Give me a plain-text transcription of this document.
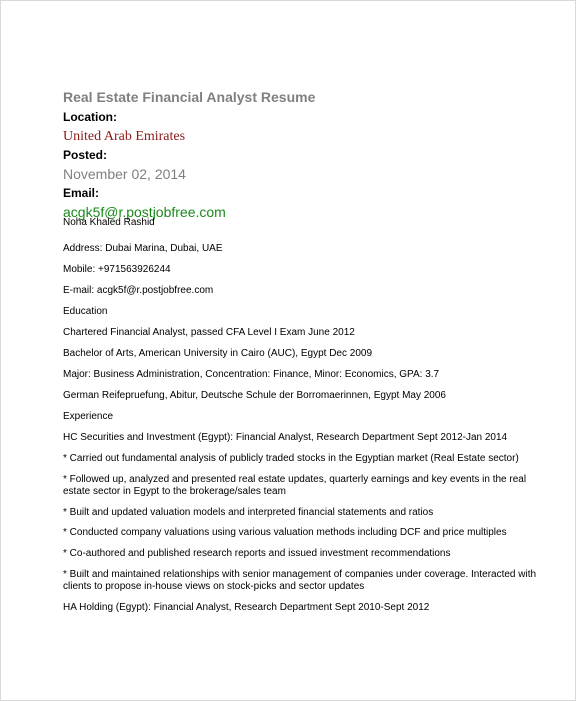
Real Estate Financial Analyst Resume
Location:
United Arab Emirates
Posted:
November 02, 2014
Email:
acgk5f@r.postjobfree.com
Noha Khaled Rashid
Address: Dubai Marina, Dubai, UAE
Mobile: +971563926244
E-mail: acgk5f@r.postjobfree.com
Education
Chartered Financial Analyst, passed CFA Level I Exam June 2012
Bachelor of Arts, American University in Cairo (AUC), Egypt Dec 2009
Major: Business Administration, Concentration: Finance, Minor: Economics, GPA: 3.7
German Reifepruefung, Abitur, Deutsche Schule der Borromaerinnen, Egypt May 2006
Experience
HC Securities and Investment (Egypt): Financial Analyst, Research Department Sept 2012-Jan 2014
* Carried out fundamental analysis of publicly traded stocks in the Egyptian market (Real Estate sector)
* Followed up, analyzed and presented real estate updates, quarterly earnings and key events in the real
estate sector in Egypt to the brokerage/sales team
* Built and updated valuation models and interpreted financial statements and ratios
* Conducted company valuations using various valuation methods including DCF and price multiples
* Co-authored and published research reports and issued investment recommendations
* Built and maintained relationships with senior management of companies under coverage. Interacted with
clients to propose in-house views on stock-picks and sector updates
HA Holding (Egypt): Financial Analyst, Research Department Sept 2010-Sept 2012
